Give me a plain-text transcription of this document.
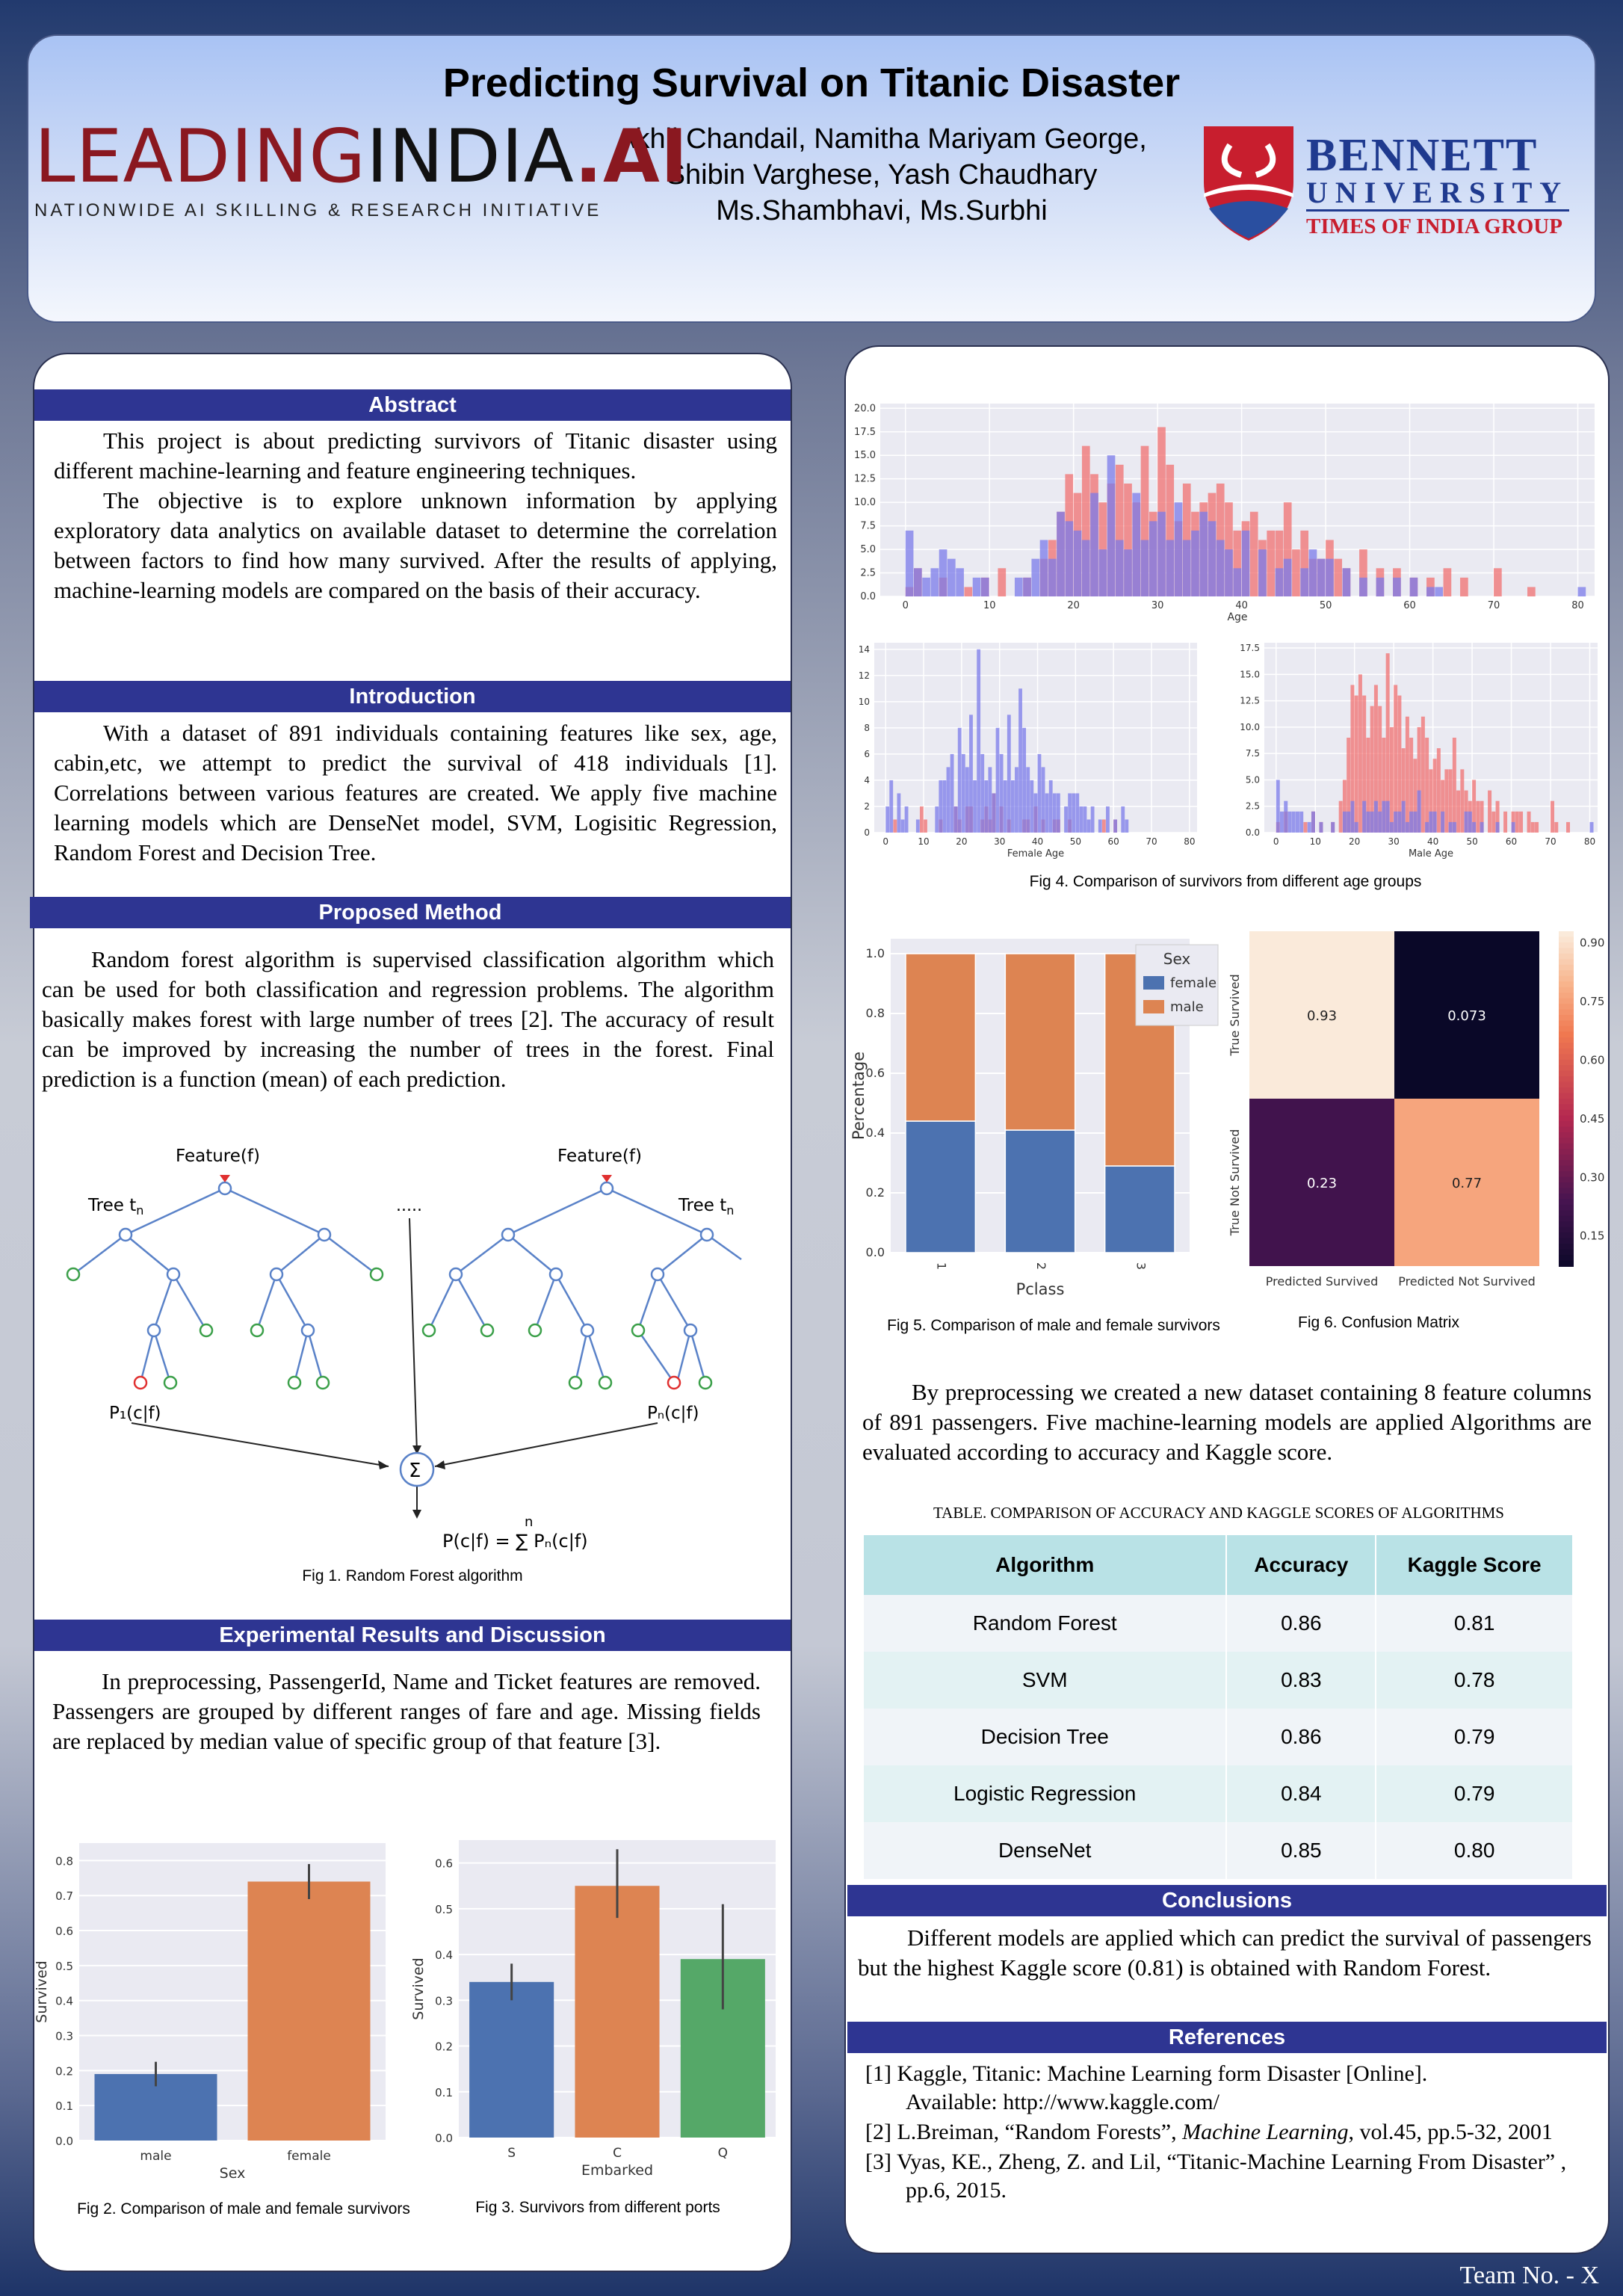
Predicting Survival on Titanic Disaster
Akhil Chandail, Namitha Mariyam George,
Shibin Varghese, Yash Chaudhary
Ms.Shambhavi, Ms.Surbhi
LEADINGINDIA.AI
NATIONWIDE AI SKILLING & RESEARCH INITIATIVE
BENNETT
UNIVERSITY
TIMES OF INDIA GROUP
Abstract

This project is about predicting survivors of Titanic disaster using different machine-learning and feature engineering techniques.

The objective is to explore unknown information by applying exploratory data analytics on available dataset to determine the correlation between factors to find how many survived. After the results of applying, machine-learning models are compared on the basis of their accuracy.

Introduction

With a dataset of 891 individuals containing features like sex, age, cabin,etc, we attempt to predict the survival of 418 individuals [1]. Correlations between various features are created. We apply five machine learning models which are DenseNet model, SVM, Logisitic Regression, Random Forest and Decision Tree.

Proposed Method

Random forest algorithm is supervised classification algorithm which can be used for both classification and regression problems. The algorithm basically makes forest with large number of trees [2]. The accuracy of result can be improved by increasing the number of trees in the forest. Final prediction is a function (mean) of each prediction.

Feature(f)	Feature(f)
Tree $t_n$	Tree $t_n$
.....
P₁(c|f)	Pₙ(c|f)
Σ
n
P(c|f) = ∑ Pₙ(c|f)
Fig 1. Random Forest algorithm
Experimental Results and Discussion

In preprocessing, PassengerId, Name and Ticket features are removed. Passengers are grouped by different ranges of fare and age. Missing fields are replaced by median value of specific group of that feature [3].

0.0
0.1
0.2
0.3
0.4
0.5
0.6
0.7
0.8
male	female
Sex
Survived
0.0
0.1
0.2
0.3
0.4
0.5
0.6
S	C	Q
Embarked
Survived
Fig 2. Comparison of male and female survivors	Fig 3. Survivors from different ports
0.0
2.5
5.0
7.5
10.0
12.5
15.0
17.5
20.0
0	10	20	30	40	50	60	70	80
Age
0
2
4
6
8
10
12
14
0	10	20	30	40	50	60	70	80
Female Age
0.0
2.5
5.0
7.5
10.0
12.5
15.0
17.5
0	10	20	30	40	50	60	70	80
Male Age
Fig 4. Comparison of survivors from different age groups
0.0
0.2
0.4
0.6
0.8
1.0
1	2	3
Pclass
Percentage
Sex
female
male
0.93	0.073
0.23	0.77
True Survived
True Not Survived
Predicted Survived Predicted Not Survived
0.90
0.75
0.60
0.45
0.30
0.15
Fig 5. Comparison of male and female survivors	Fig 6. Confusion Matrix

By preprocessing we created a new dataset containing 8 feature columns of 891 passengers. Five machine-learning models are applied Algorithms are evaluated according to accuracy and Kaggle score.

TABLE. COMPARISON OF ACCURACY AND KAGGLE SCORES OF ALGORITHMS
Algorithm	Accuracy	Kaggle Score
Random Forest	0.86	0.81
SVM	0.83	0.78
Decision Tree	0.86	0.79
Logistic Regression	0.84	0.79
DenseNet	0.85	0.80
Conclusions

Different models are applied which can predict the survival of passengers but the highest Kaggle score (0.81) is obtained with Random Forest.

References
[1] Kaggle, Titanic: Machine Learning form Disaster [Online].
Available: http://www.kaggle.com/
[2] L.Breiman, “Random Forests”, Machine Learning, vol.45, pp.5-32, 2001
[3] Vyas, KE., Zheng, Z. and Lil, “Titanic-Machine Learning From Disaster” , pp.6, 2015.
Team No. - X
